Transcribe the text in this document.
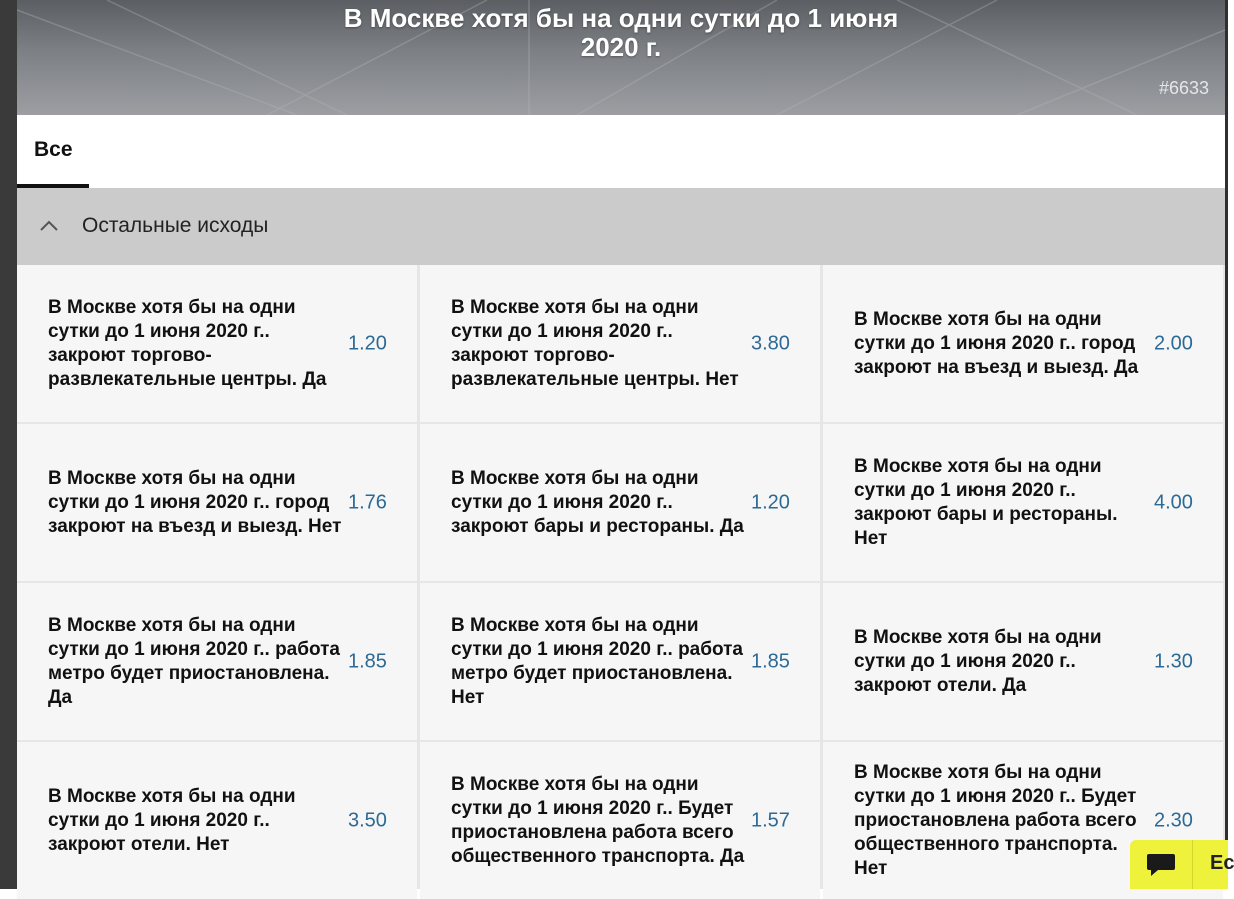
В Москве хотя бы на одни сутки до 1 июня
2020 г.
#6633
Все
Остальные исходы
В Москве хотя бы на одни сутки до 1 июня 2020 г.. закроют торгово-развлекательные центры. Да
1.20
В Москве хотя бы на одни сутки до 1 июня 2020 г.. закроют торгово-развлекательные центры. Нет
3.80
В Москве хотя бы на одни сутки до 1 июня 2020 г.. город закроют на въезд и выезд. Да
2.00
В Москве хотя бы на одни сутки до 1 июня 2020 г.. город закроют на въезд и выезд. Нет
1.76
В Москве хотя бы на одни сутки до 1 июня 2020 г.. закроют бары и рестораны. Да
1.20
В Москве хотя бы на одни сутки до 1 июня 2020 г.. закроют бары и рестораны. Нет
4.00
В Москве хотя бы на одни сутки до 1 июня 2020 г.. работа метро будет приостановлена. Да
1.85
В Москве хотя бы на одни сутки до 1 июня 2020 г.. работа метро будет приостановлена. Нет
1.85
В Москве хотя бы на одни сутки до 1 июня 2020 г.. закроют отели. Да
1.30
В Москве хотя бы на одни сутки до 1 июня 2020 г.. закроют отели. Нет
3.50
В Москве хотя бы на одни сутки до 1 июня 2020 г.. Будет приостановлена работа всего общественного транспорта. Да
1.57
В Москве хотя бы на одни сутки до 1 июня 2020 г.. Будет приостановлена работа всего общественного транспорта. Нет
2.30
Ес
